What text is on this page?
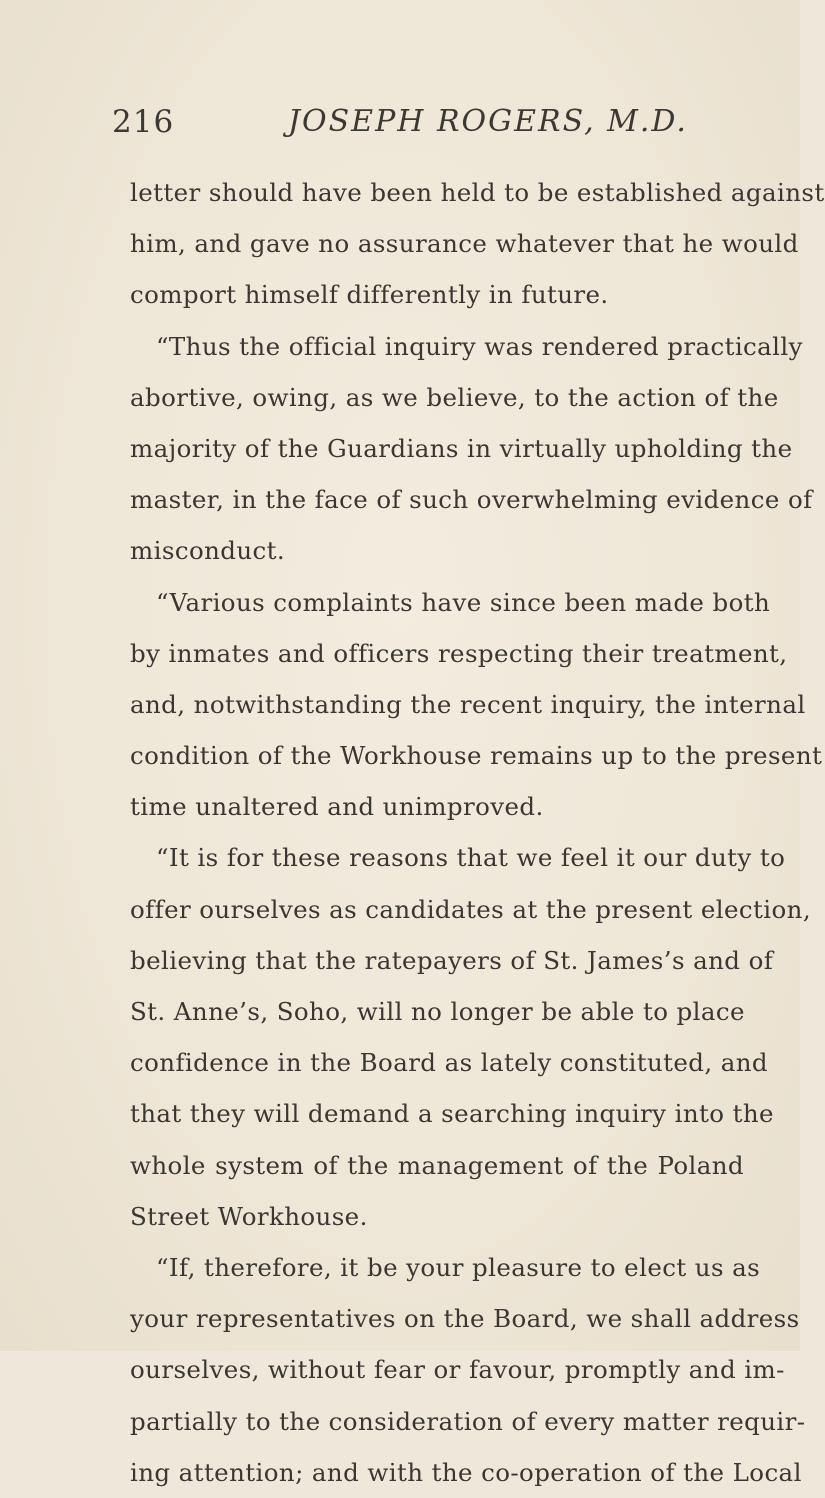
216	JOSEPH ROGERS, M.D.
letter should have been held to be established against
him, and gave no assurance whatever that he would
comport himself differently in future.
“Thus the official inquiry was rendered practically
abortive, owing, as we believe, to the action of the
majority of the Guardians in virtually upholding the
master, in the face of such overwhelming evidence of
misconduct.
“Various complaints have since been made both
by inmates and officers respecting their treatment,
and, notwithstanding the recent inquiry, the internal
condition of the Workhouse remains up to the present
time unaltered and unimproved.
“It is for these reasons that we feel it our duty to
offer ourselves as candidates at the present election,
believing that the ratepayers of St. James’s and of
St. Anne’s, Soho, will no longer be able to place
confidence in the Board as lately constituted, and
that they will demand a searching inquiry into the
whole system of the management of the Poland
Street Workhouse.
“If, therefore, it be your pleasure to elect us as
your representatives on the Board, we shall address
ourselves, without fear or favour, promptly and im-
partially to the consideration of every matter requir-
ing attention; and with the co-operation of the Local
